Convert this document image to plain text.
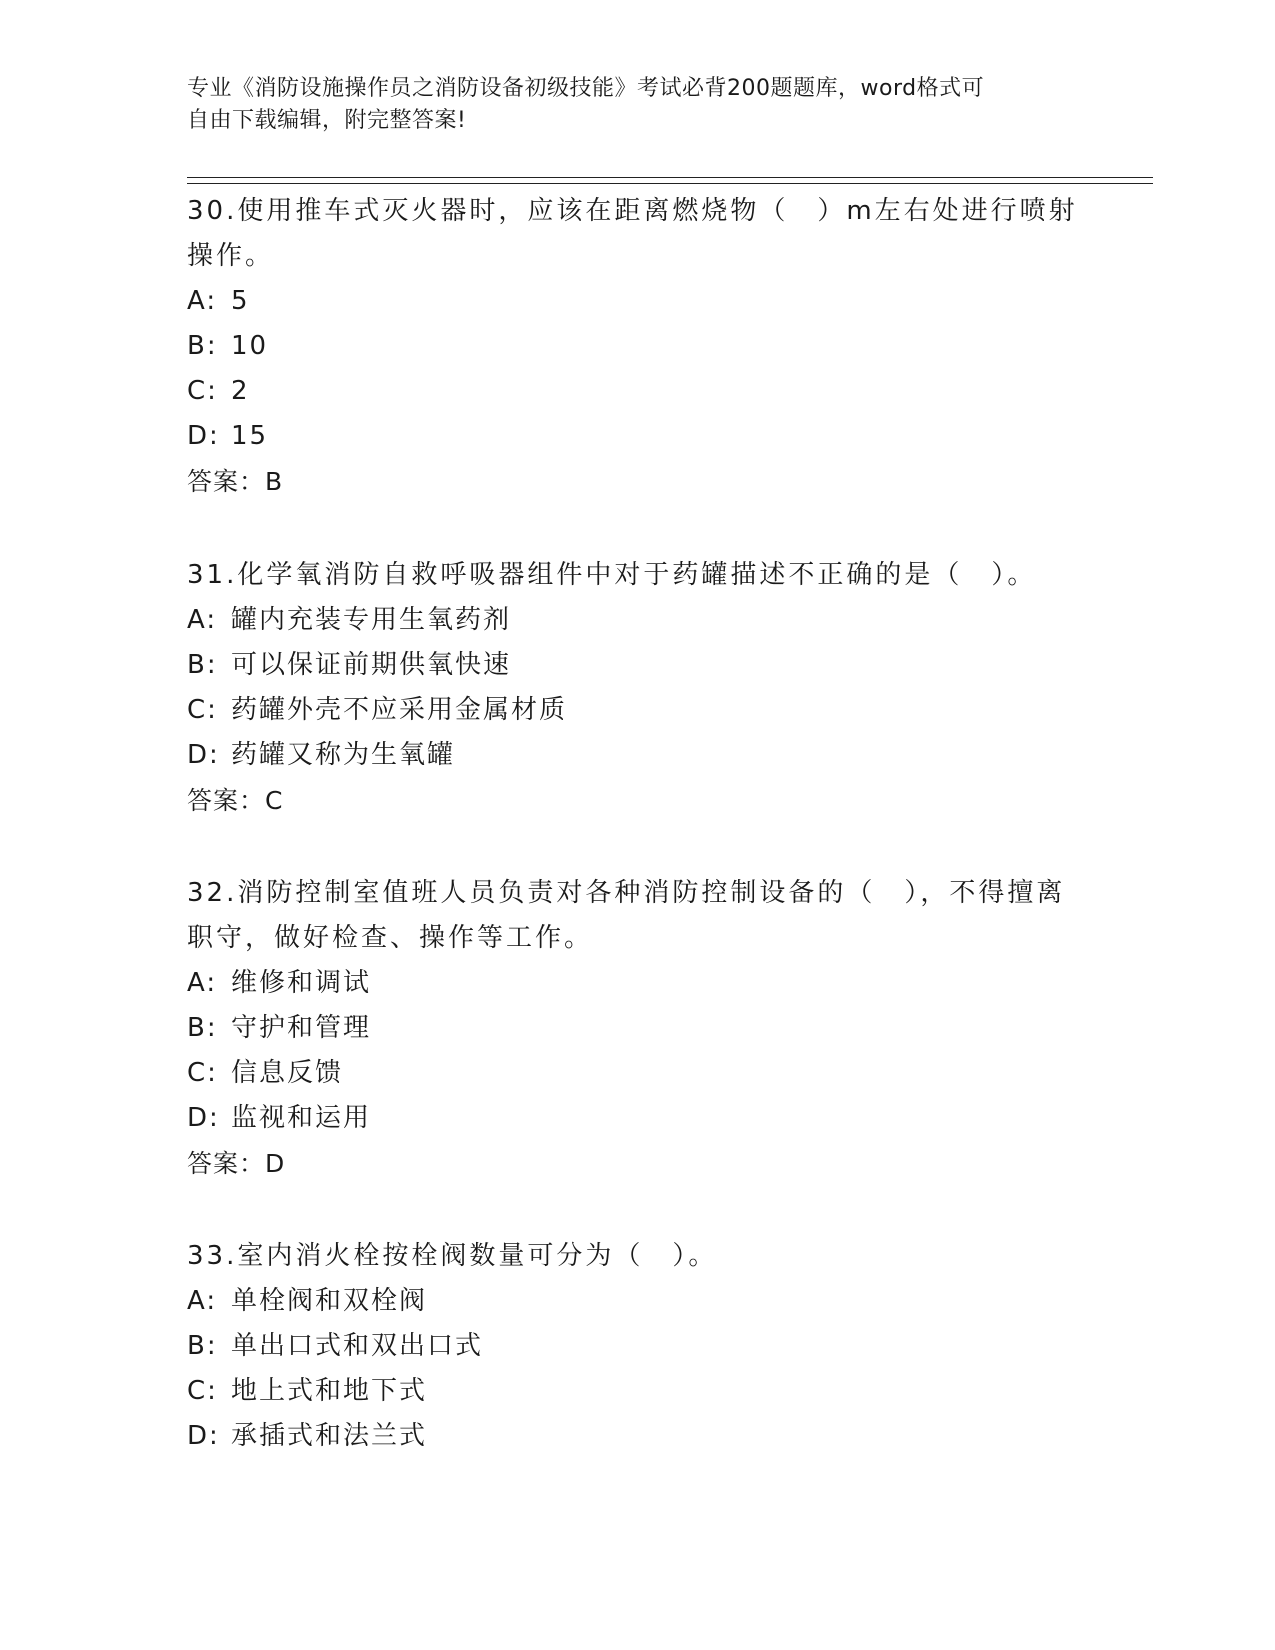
专业《消防设施操作员之消防设备初级技能》考试必背200题题库，word格式可
自由下载编辑，附完整答案!
30.使用推车式灭火器时，应该在距离燃烧物（　）m左右处进行喷射
操作。
A: 5
B: 10
C: 2
D: 15
答案：B
31.化学氧消防自救呼吸器组件中对于药罐描述不正确的是（　）。
A: 罐内充装专用生氧药剂
B: 可以保证前期供氧快速
C: 药罐外壳不应采用金属材质
D: 药罐又称为生氧罐
答案：C
32.消防控制室值班人员负责对各种消防控制设备的（　），不得擅离
职守，做好检查、操作等工作。
A: 维修和调试
B: 守护和管理
C: 信息反馈
D: 监视和运用
答案：D
33.室内消火栓按栓阀数量可分为（　）。
A: 单栓阀和双栓阀
B: 单出口式和双出口式
C: 地上式和地下式
D: 承插式和法兰式
